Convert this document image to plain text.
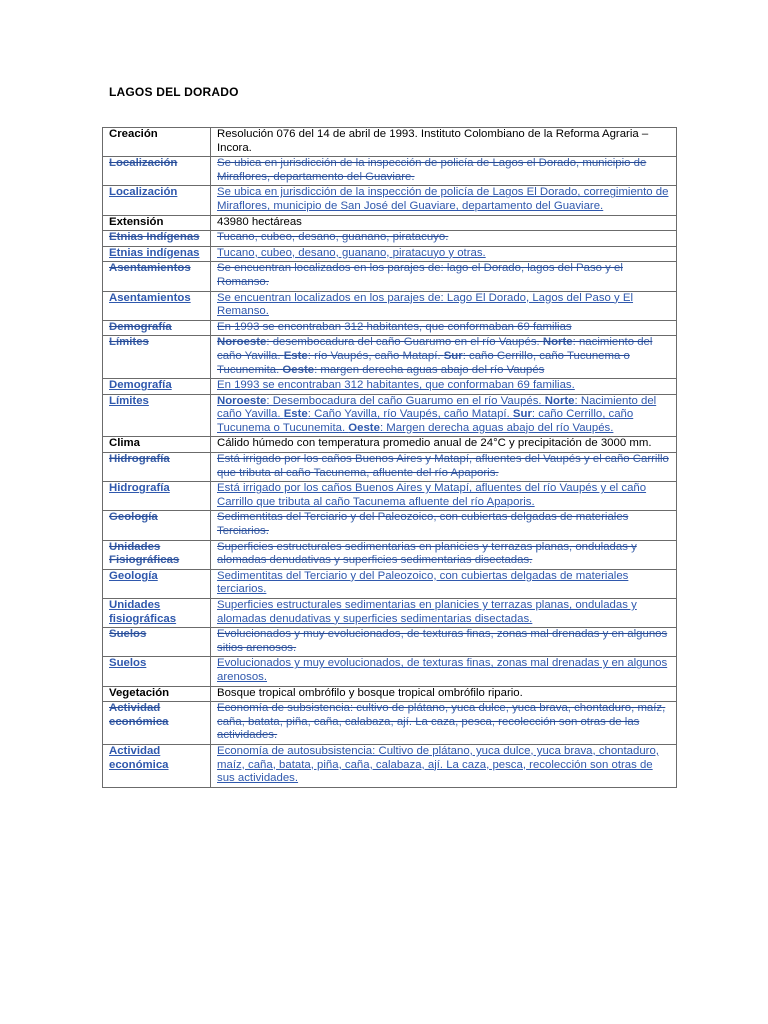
LAGOS DEL DORADO
Creación	Resolución 076 del 14 de abril de 1993. Instituto Colombiano de la Reforma Agraria – Incora.
Localización	Se ubica en jurisdicción de la inspección de policía de Lagos el Dorado, municipio de Miraflores, departamento del Guaviare.
Localización	Se ubica en jurisdicción de la inspección de policía de Lagos El Dorado, corregimiento de Miraflores, municipio de San José del Guaviare, departamento del Guaviare.
Extensión	43980 hectáreas
Etnias Indígenas	Tucano, cubeo, desano, guanano, piratacuyo.
Etnias indígenas	Tucano, cubeo, desano, guanano, piratacuyo y otras.
Asentamientos	Se encuentran localizados en los parajes de: lago el Dorado, lagos del Paso y el Romanso.
Asentamientos	Se encuentran localizados en los parajes de: Lago El Dorado, Lagos del Paso y El Remanso.
Demografía	En 1993 se encontraban 312 habitantes, que conformaban 69 familias
Límites	Noroeste: desembocadura del caño Guarumo en el río Vaupés. Norte: nacimiento del caño Yavilla. Este: río Vaupés, caño Matapí. Sur: caño Cerrillo, caño Tucunema o Tucunemita. Oeste: margen derecha aguas abajo del río Vaupés
Demografía	En 1993 se encontraban 312 habitantes, que conformaban 69 familias.
Límites	Noroeste: Desembocadura del caño Guarumo en el río Vaupés. Norte: Nacimiento del caño Yavilla. Este: Caño Yavilla, río Vaupés, caño Matapí. Sur: caño Cerrillo, caño Tucunema o Tucunemita. Oeste: Margen derecha aguas abajo del río Vaupés.
Clima	Cálido húmedo con temperatura promedio anual de 24°C y precipitación de 3000 mm.
Hidrografía	Está irrigado por los caños Buenos Aires y Matapí, afluentes del Vaupés y el caño Carrillo que tributa al caño Tacunema, afluente del río Apaporis.
Hidrografía	Está irrigado por los caños Buenos Aires y Matapí, afluentes del río Vaupés y el caño Carrillo que tributa al caño Tacunema afluente del río Apaporis.
Geología	Sedimentitas del Terciario y del Paleozoico, con cubiertas delgadas de materiales Terciarios.
Unidades Fisiográficas	Superficies estructurales sedimentarias en planicies y terrazas planas, onduladas y alomadas denudativas y superficies sedimentarias disectadas.
Geología	Sedimentitas del Terciario y del Paleozoico, con cubiertas delgadas de materiales terciarios.
Unidades fisiográficas	Superficies estructurales sedimentarias en planicies y terrazas planas, onduladas y alomadas denudativas y superficies sedimentarias disectadas.
Suelos	Evolucionados y muy evolucionados, de texturas finas, zonas mal drenadas y en algunos sitios arenosos.
Suelos	Evolucionados y muy evolucionados, de texturas finas, zonas mal drenadas y en algunos arenosos.
Vegetación	Bosque tropical ombrófilo y bosque tropical ombrófilo ripario.
Actividad económica	Economía de subsistencia: cultivo de plátano, yuca dulce, yuca brava, chontaduro, maíz, caña, batata, piña, caña, calabaza, ají. La caza, pesca, recolección son otras de las actividades.
Actividad económica	Economía de autosubsistencia: Cultivo de plátano, yuca dulce, yuca brava, chontaduro, maíz, caña, batata, piña, caña, calabaza, ají. La caza, pesca, recolección son otras de sus actividades.
